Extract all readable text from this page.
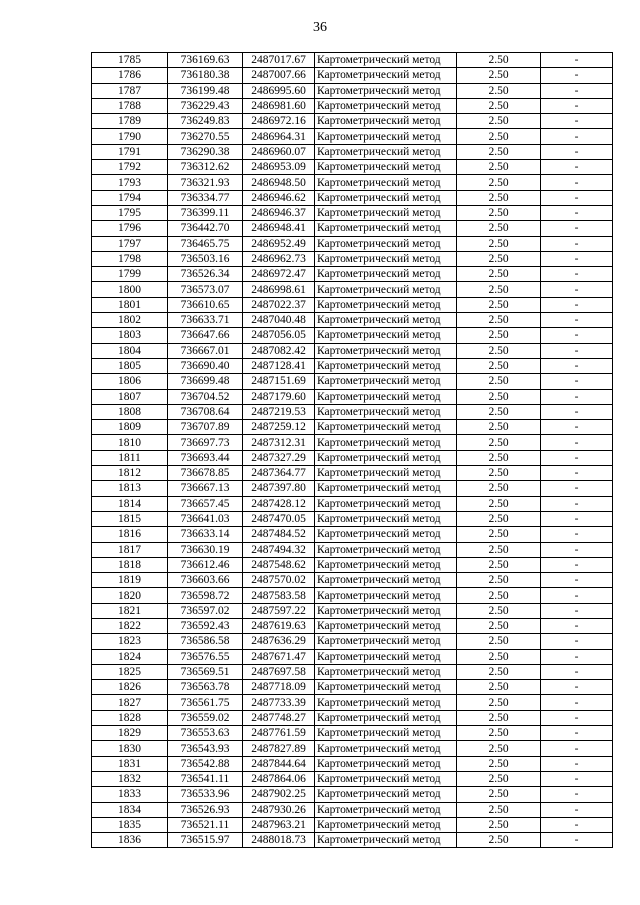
36
1785	736169.63	2487017.67	Картометрический метод	2.50	-
1786	736180.38	2487007.66	Картометрический метод	2.50	-
1787	736199.48	2486995.60	Картометрический метод	2.50	-
1788	736229.43	2486981.60	Картометрический метод	2.50	-
1789	736249.83	2486972.16	Картометрический метод	2.50	-
1790	736270.55	2486964.31	Картометрический метод	2.50	-
1791	736290.38	2486960.07	Картометрический метод	2.50	-
1792	736312.62	2486953.09	Картометрический метод	2.50	-
1793	736321.93	2486948.50	Картометрический метод	2.50	-
1794	736334.77	2486946.62	Картометрический метод	2.50	-
1795	736399.11	2486946.37	Картометрический метод	2.50	-
1796	736442.70	2486948.41	Картометрический метод	2.50	-
1797	736465.75	2486952.49	Картометрический метод	2.50	-
1798	736503.16	2486962.73	Картометрический метод	2.50	-
1799	736526.34	2486972.47	Картометрический метод	2.50	-
1800	736573.07	2486998.61	Картометрический метод	2.50	-
1801	736610.65	2487022.37	Картометрический метод	2.50	-
1802	736633.71	2487040.48	Картометрический метод	2.50	-
1803	736647.66	2487056.05	Картометрический метод	2.50	-
1804	736667.01	2487082.42	Картометрический метод	2.50	-
1805	736690.40	2487128.41	Картометрический метод	2.50	-
1806	736699.48	2487151.69	Картометрический метод	2.50	-
1807	736704.52	2487179.60	Картометрический метод	2.50	-
1808	736708.64	2487219.53	Картометрический метод	2.50	-
1809	736707.89	2487259.12	Картометрический метод	2.50	-
1810	736697.73	2487312.31	Картометрический метод	2.50	-
1811	736693.44	2487327.29	Картометрический метод	2.50	-
1812	736678.85	2487364.77	Картометрический метод	2.50	-
1813	736667.13	2487397.80	Картометрический метод	2.50	-
1814	736657.45	2487428.12	Картометрический метод	2.50	-
1815	736641.03	2487470.05	Картометрический метод	2.50	-
1816	736633.14	2487484.52	Картометрический метод	2.50	-
1817	736630.19	2487494.32	Картометрический метод	2.50	-
1818	736612.46	2487548.62	Картометрический метод	2.50	-
1819	736603.66	2487570.02	Картометрический метод	2.50	-
1820	736598.72	2487583.58	Картометрический метод	2.50	-
1821	736597.02	2487597.22	Картометрический метод	2.50	-
1822	736592.43	2487619.63	Картометрический метод	2.50	-
1823	736586.58	2487636.29	Картометрический метод	2.50	-
1824	736576.55	2487671.47	Картометрический метод	2.50	-
1825	736569.51	2487697.58	Картометрический метод	2.50	-
1826	736563.78	2487718.09	Картометрический метод	2.50	-
1827	736561.75	2487733.39	Картометрический метод	2.50	-
1828	736559.02	2487748.27	Картометрический метод	2.50	-
1829	736553.63	2487761.59	Картометрический метод	2.50	-
1830	736543.93	2487827.89	Картометрический метод	2.50	-
1831	736542.88	2487844.64	Картометрический метод	2.50	-
1832	736541.11	2487864.06	Картометрический метод	2.50	-
1833	736533.96	2487902.25	Картометрический метод	2.50	-
1834	736526.93	2487930.26	Картометрический метод	2.50	-
1835	736521.11	2487963.21	Картометрический метод	2.50	-
1836	736515.97	2488018.73	Картометрический метод	2.50	-
